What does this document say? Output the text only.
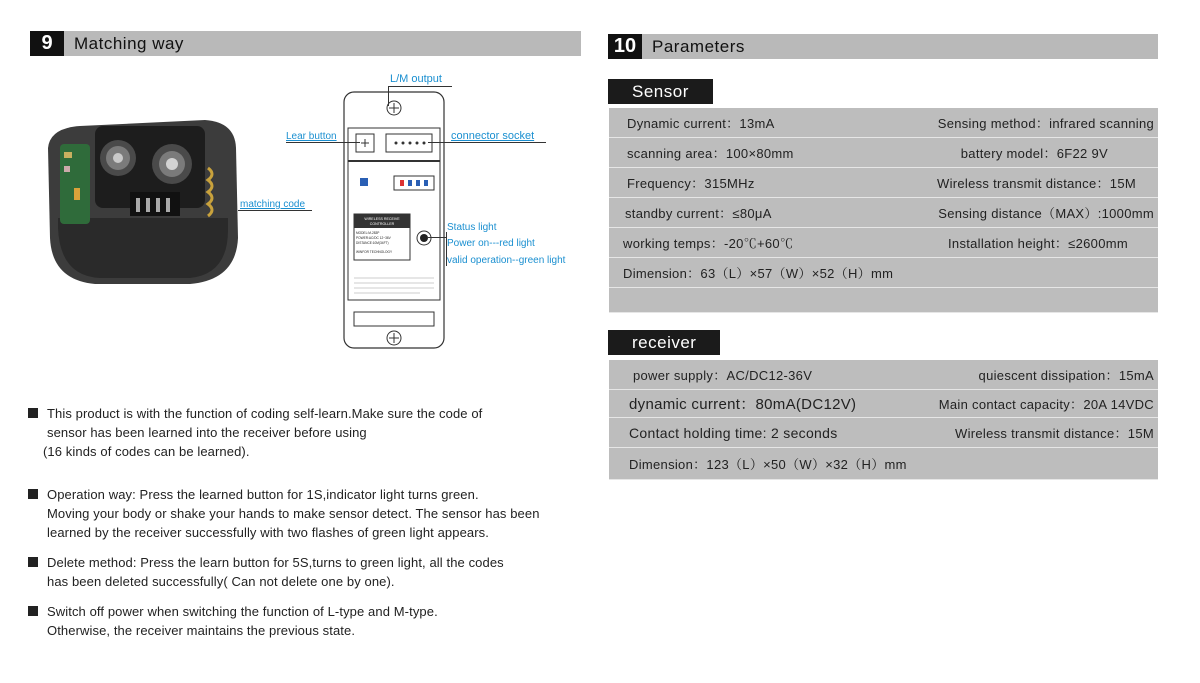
9	Matching way	10 Parameters
WIRELESS RECEIVE
CONTROLLER
MODEL:M-283P
POWER:AC/DC 12~36V
DISTANCE:10M(34FT)
WINFOR TECHNOLOGY
L/M output
Lear button	connector socket
matching code
Status light
Power on---red light
valid operation--green light
Sensor
Dynamic current：13mA	Sensing method：infrared scanning
scanning area：100×80mm	battery model：6F22 9V
Frequency：315MHz	Wireless transmit distance：15M
standby current：≤80μA	Sensing distance（MAX）:1000mm
working temps：-20℃+60℃	Installation height：≤2600mm
Dimension：63（L）×57（W）×52（H）mm
receiver
power supply：AC/DC12-36V	quiescent dissipation：15mA
dynamic current：80mA(DC12V)	Main contact capacity：20A 14VDC
Contact holding time: 2 seconds	Wireless transmit distance：15M
Dimension：123（L）×50（W）×32（H）mm

This product is with the function of coding self-learn.Make sure the code of

sensor has been learned into the receiver before using

(16 kinds of codes can be learned).

Operation way: Press the learned button for 1S,indicator light turns green.

Moving your body or shake your hands to make sensor detect. The sensor has been

learned by the receiver successfully with two flashes of green light appears.

Delete method: Press the learn button for 5S,turns to green light, all the codes

has been deleted successfully( Can not delete one by one).

Switch off power when switching the function of L-type and M-type.

Otherwise, the receiver maintains the previous state.
